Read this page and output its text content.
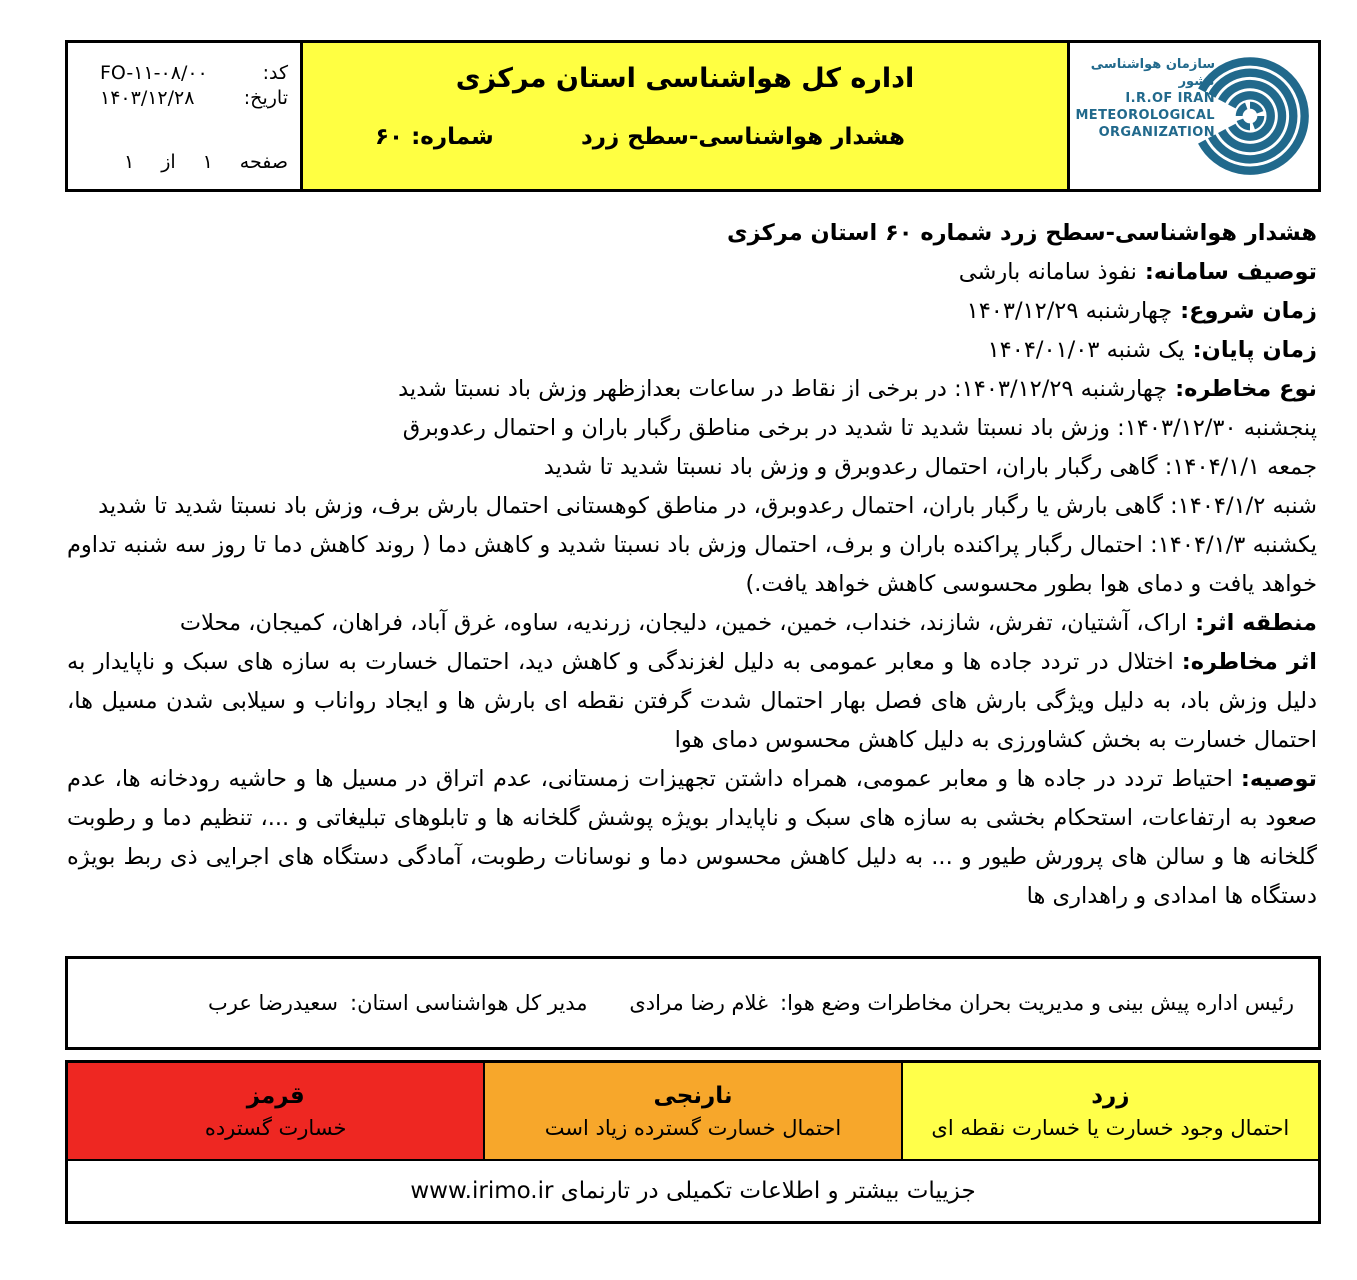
کد:
FO-۱۱-۰۸/۰۰
تاریخ:
۱۴۰۳/۱۲/۲۸
صفحه
۱
از
۱
اداره کل هواشناسی استان مرکزی
هشدار هواشناسی-سطح زرد
شماره: ۶۰
سازمان هواشناسی کشور
I.R.OF IRAN
METEOROLOGICAL
ORGANIZATION

هشدار هواشناسی-سطح زرد شماره ۶۰ استان مرکزی

توصیف سامانه:نفوذ سامانه بارشی

زمان شروع:چهارشنبه ۱۴۰۳/۱۲/۲۹

زمان پایان:یک شنبه ۱۴۰۴/۰۱/۰۳

نوع مخاطره:چهارشنبه ۱۴۰۳/۱۲/۲۹: در برخی از نقاط در ساعات بعدازظهر وزش باد نسبتا شدید

پنجشنبه ۱۴۰۳/۱۲/۳۰: وزش باد نسبتا شدید تا شدید در برخی مناطق رگبار باران و احتمال رعدوبرق

جمعه ۱۴۰۴/۱/۱: گاهی رگبار باران، احتمال رعدوبرق و وزش باد نسبتا شدید تا شدید

شنبه ۱۴۰۴/۱/۲: گاهی بارش یا رگبار باران، احتمال رعدوبرق، در مناطق کوهستانی احتمال بارش برف، وزش باد نسبتا شدید تا شدید

یکشنبه ۱۴۰۴/۱/۳: احتمال رگبار پراکنده باران و برف، احتمال وزش باد نسبتا شدید و کاهش دما ( روند کاهش دما تا روز سه شنبه تداوم خواهد یافت و دمای هوا بطور محسوسی کاهش خواهد یافت.)

منطقه اثر:اراک، آشتیان، تفرش، شازند، خنداب، خمین، خمین، دلیجان، زرندیه، ساوه، غرق آباد، فراهان، کمیجان، محلات

اثر مخاطره:اختلال در تردد جاده ها و معابر عمومی به دلیل لغزندگی و کاهش دید، احتمال خسارت به سازه های سبک و ناپایدار به دلیل وزش باد، به دلیل ویژگی بارش های فصل بهار احتمال شدت گرفتن نقطه ای بارش ها و ایجاد رواناب و سیلابی شدن مسیل ها، احتمال خسارت به بخش کشاورزی به دلیل کاهش محسوس دمای هوا

توصیه:احتیاط تردد در جاده ها و معابر عمومی، همراه داشتن تجهیزات زمستانی، عدم اتراق در مسیل ها و حاشیه رودخانه ها، عدم صعود به ارتفاعات، استحکام بخشی به سازه های سبک و ناپایدار بویژه پوشش گلخانه ها و تابلوهای تبلیغاتی و ...، تنظیم دما و رطوبت گلخانه ها و سالن های پرورش طیور و ... به دلیل کاهش محسوس دما و نوسانات رطوبت، آمادگی دستگاه های اجرایی ذی ربط بویژه دستگاه ها امدادی و راهداری ها

رئیس اداره پیش بینی و مدیریت بحران مخاطرات وضع هوا:غلام رضا مرادی
مدیر کل هواشناسی استان:سعیدرضا عرب
زرد
احتمال وجود خسارت یا خسارت نقطه ای
نارنجی
احتمال خسارت گسترده زیاد است
قرمز
خسارت گسترده
جزییات بیشتر و اطلاعات تکمیلی در تارنمای www.irimo.ir
